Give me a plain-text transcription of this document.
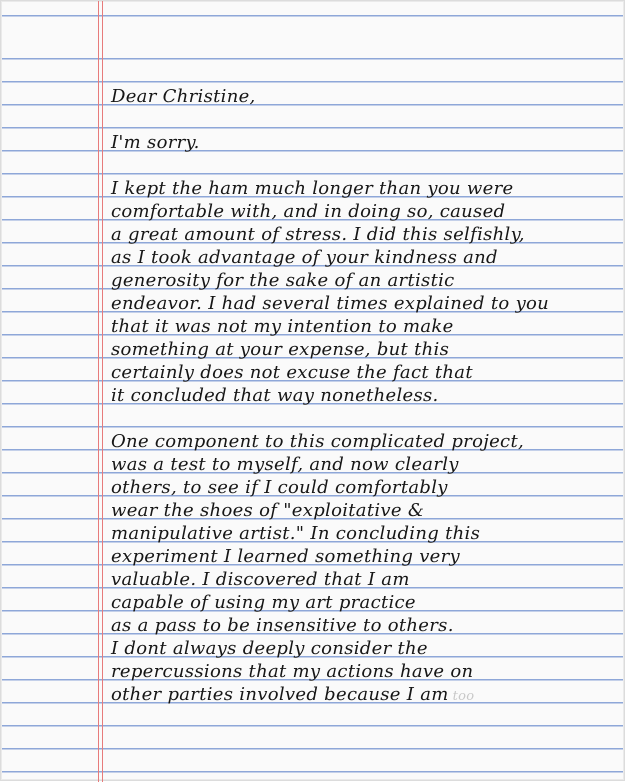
Dear Christine,
I'm sorry.
I kept the ham much longer than you were
comfortable with, and in doing so, caused
a great amount of stress. I did this selfishly,
as I took advantage of your kindness and
generosity for the sake of an artistic
endeavor. I had several times explained to you
that it was not my intention to make
something at your expense, but this
certainly does not excuse the fact that
it concluded that way nonetheless.
One component to this complicated project,
was a test to myself, and now clearly
others, to see if I could comfortably
wear the shoes of "exploitative &
manipulative artist." In concluding this
experiment I learned something very
valuable. I discovered that I am
capable of using my art practice
as a pass to be insensitive to others.
I dont always deeply consider the
repercussions that my actions have on
other parties involved because I am too
